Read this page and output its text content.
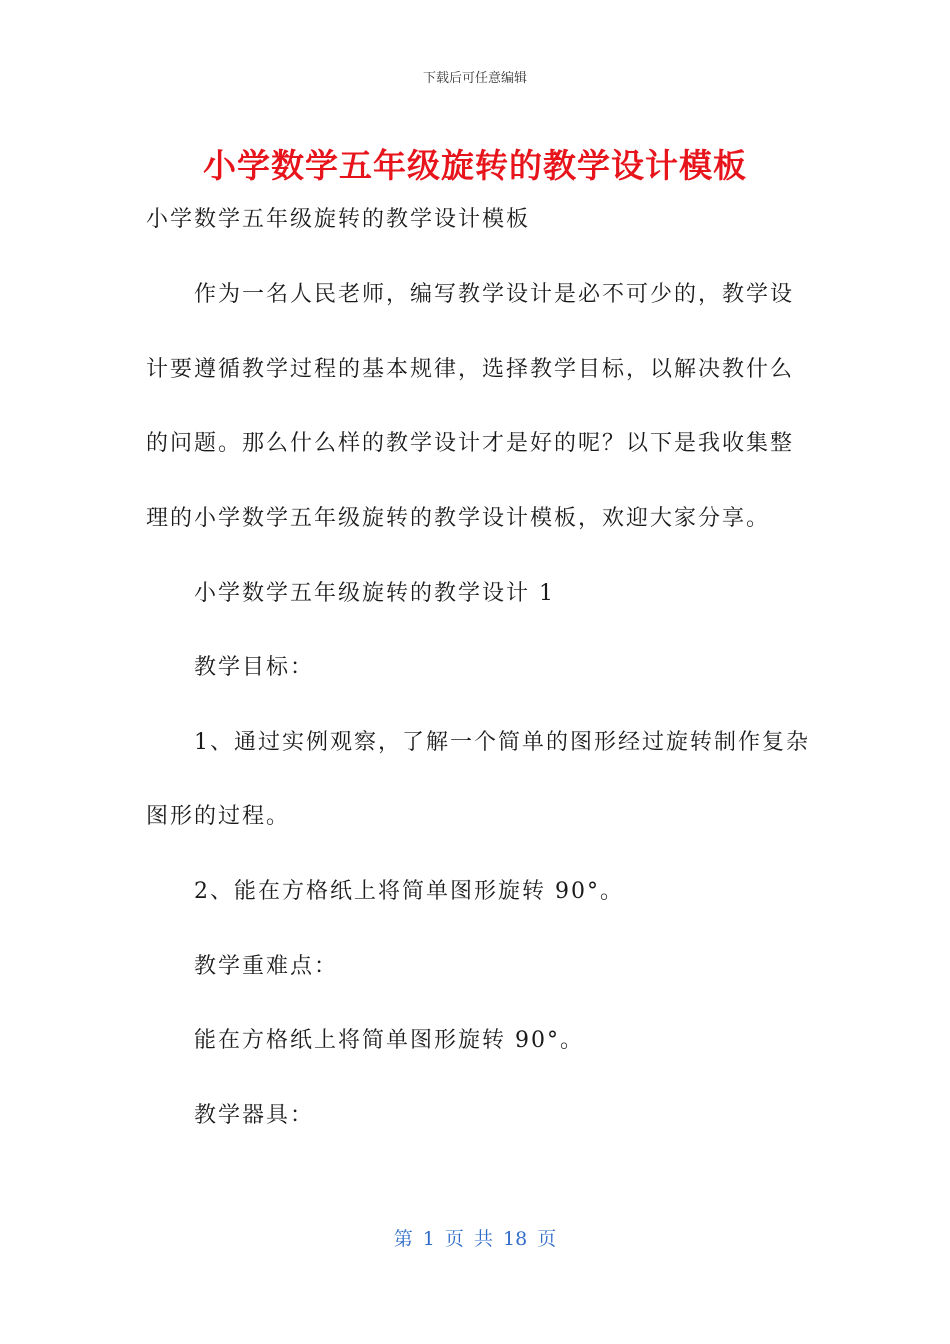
下载后可任意编辑
小学数学五年级旋转的教学设计模板
小学数学五年级旋转的教学设计模板
作为一名人民老师，编写教学设计是必不可少的，教学设
计要遵循教学过程的基本规律，选择教学目标，以解决教什么
的问题。那么什么样的教学设计才是好的呢？以下是我收集整
理的小学数学五年级旋转的教学设计模板，欢迎大家分享。
小学数学五年级旋转的教学设计 1
教学目标：
1、通过实例观察，了解一个简单的图形经过旋转制作复杂
图形的过程。
2、能在方格纸上将简单图形旋转 90°。
教学重难点：
能在方格纸上将简单图形旋转 90°。
教学器具：
第 1 页 共 18 页
